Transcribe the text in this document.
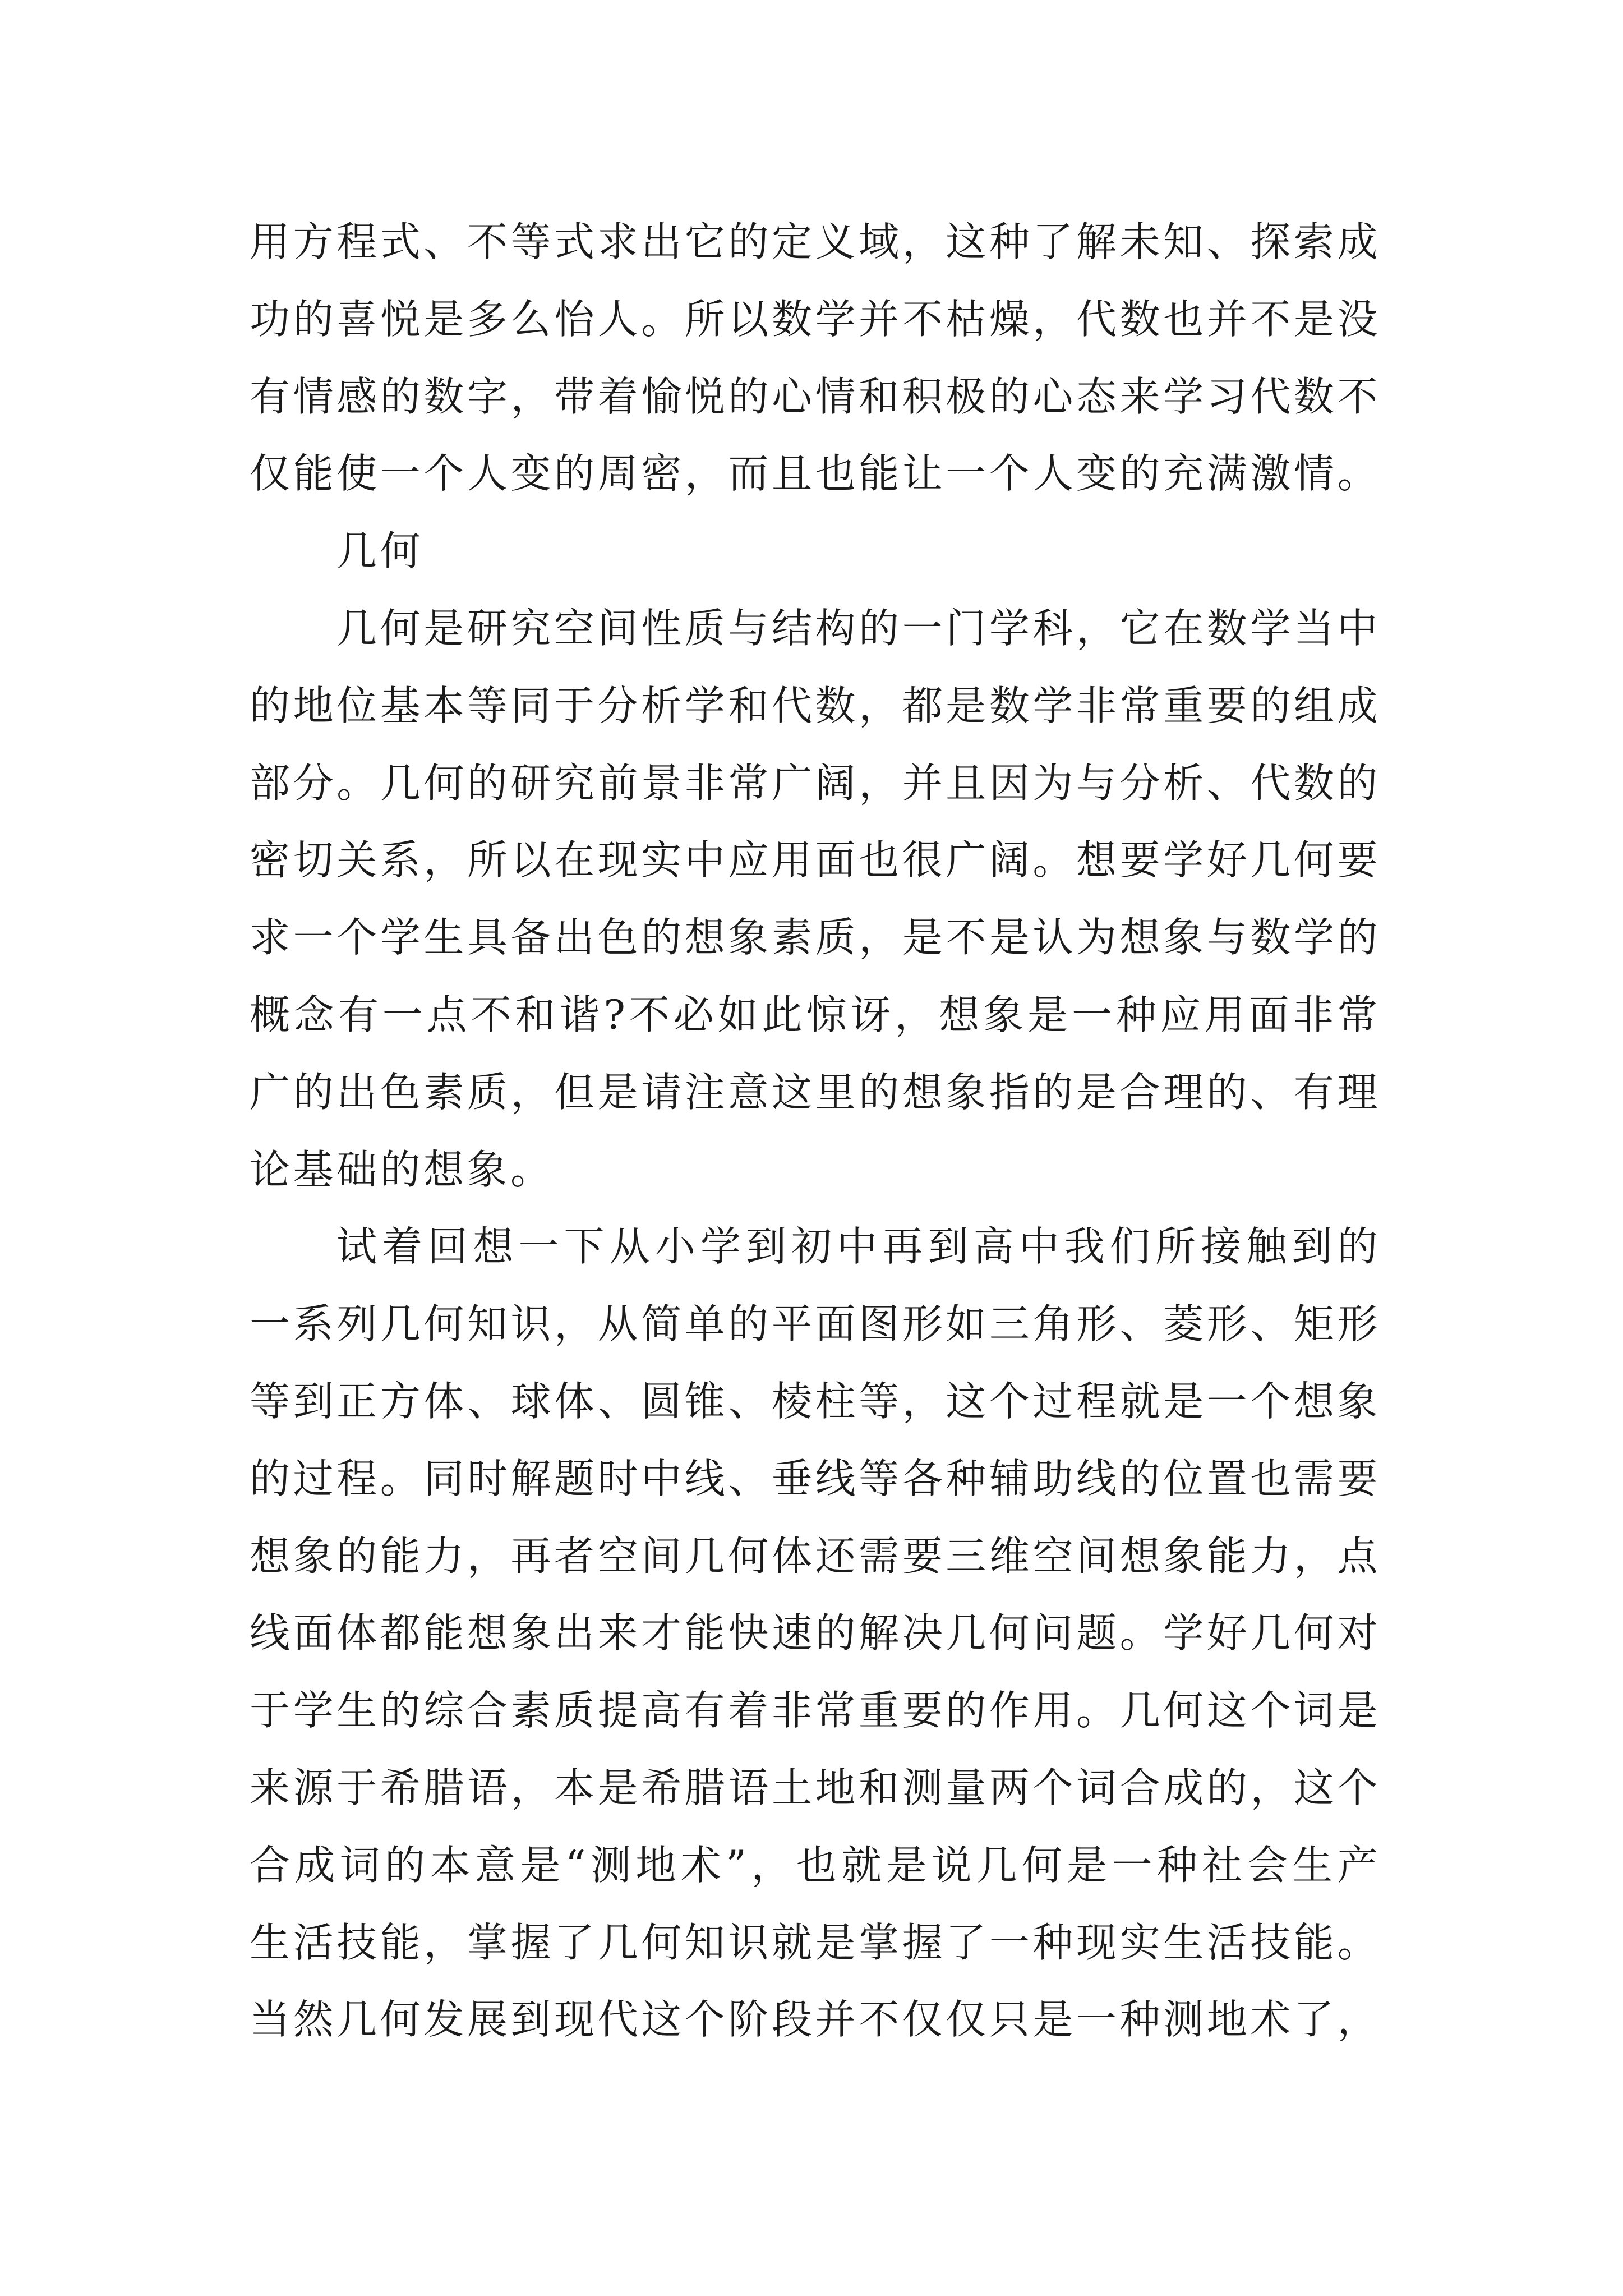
用方程式、不等式求出它的定义域，这种了解未知、探索成
功的喜悦是多么怡人。所以数学并不枯燥，代数也并不是没
有情感的数字，带着愉悦的心情和积极的心态来学习代数不
仅能使一个人变的周密，而且也能让一个人变的充满激情。
几何
几何是研究空间性质与结构的一门学科，它在数学当中
的地位基本等同于分析学和代数，都是数学非常重要的组成
部分。几何的研究前景非常广阔，并且因为与分析、代数的
密切关系，所以在现实中应用面也很广阔。想要学好几何要
求一个学生具备出色的想象素质，是不是认为想象与数学的
概念有一点不和谐?不必如此惊讶，想象是一种应用面非常
广的出色素质，但是请注意这里的想象指的是合理的、有理
论基础的想象。
试着回想一下从小学到初中再到高中我们所接触到的
一系列几何知识，从简单的平面图形如三角形、菱形、矩形
等到正方体、球体、圆锥、棱柱等，这个过程就是一个想象
的过程。同时解题时中线、垂线等各种辅助线的位置也需要
想象的能力，再者空间几何体还需要三维空间想象能力，点
线面体都能想象出来才能快速的解决几何问题。学好几何对
于学生的综合素质提高有着非常重要的作用。几何这个词是
来源于希腊语，本是希腊语土地和测量两个词合成的，这个
合成词的本意是“测地术”，也就是说几何是一种社会生产
生活技能，掌握了几何知识就是掌握了一种现实生活技能。
当然几何发展到现代这个阶段并不仅仅只是一种测地术了，
